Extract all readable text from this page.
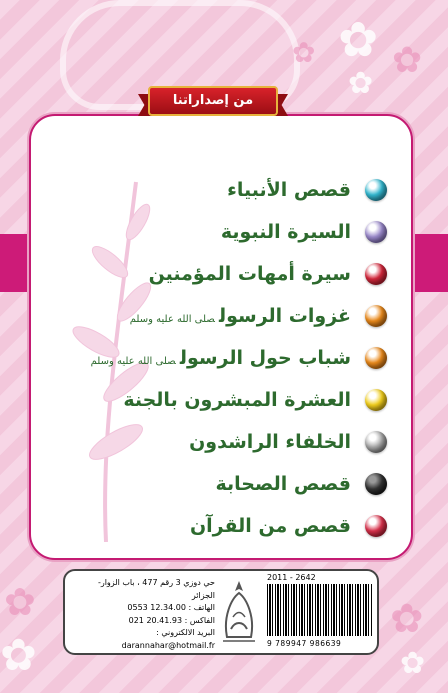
✿ ✿
✿
✿
✿
✿
✿
✿
قصص الأنبياء
السيرة النبوية
سيرة أمهات المؤمنين
غزوات الرسولصلى الله عليه وسلم
شباب حول الرسولصلى الله عليه وسلم
العشرة المبشرون بالجنة
الخلفاء الراشدون
قصص الصحابة
قصص من القرآن
من إصداراتنا
حي دوزي 3 رقم 477 ، باب الزوار- الجزائر
الهاتف : 0553 12.34.00
الفاكس : 021 20.41.93
البريد الالكتروني : darannahar@hotmail.fr
2011 - 2642
9 789947 986639
